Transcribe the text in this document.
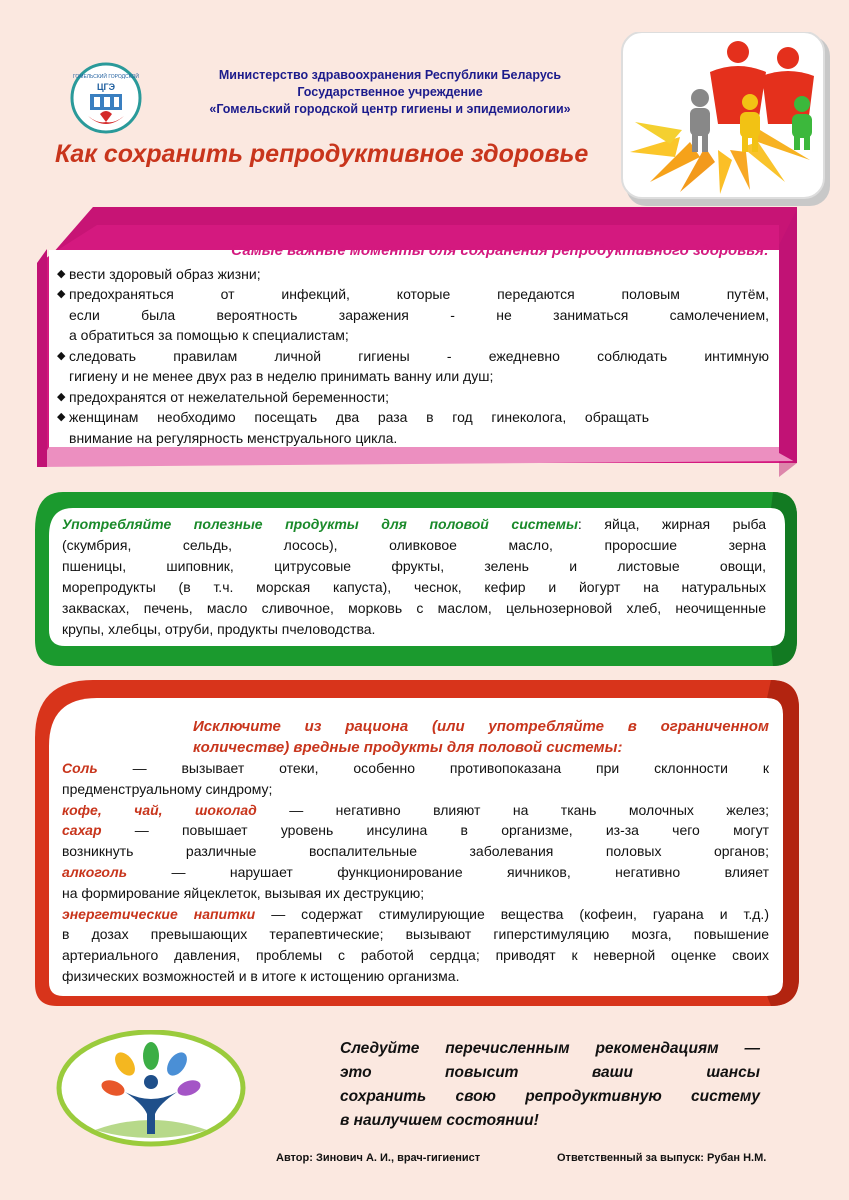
ГОМЕЛЬСКИЙ ГОРОДСКОЙ
ЦГЭ
Министерство здравоохранения Республики Беларусь
Государственное учреждение
«Гомельский городской центр гигиены и эпидемиологии»
Как сохранить репродуктивное здоровье
Самые важные моменты для сохранения репродуктивного здоровья:
◆ вести здоровый образ жизни;
◆ предохраняться от инфекций, которые передаются половым путём,
если была вероятность заражения - не заниматься самолечением,
а обратиться за помощью к специалистам;
◆ следовать правилам личной гигиены - ежедневно соблюдать интимную
гигиену и не менее двух раз в неделю принимать ванну или душ;
◆ предохранятся от нежелательной беременности;
◆ женщинам необходимо посещать два раза в год гинеколога, обращать
внимание на регулярность менструального цикла.
Употребляйте полезные продукты для половой системы: яйца, жирная рыба
(скумбрия, сельдь, лосось), оливковое масло, проросшие зерна
пшеницы, шиповник, цитрусовые фрукты, зелень и листовые овощи,
морепродукты (в т.ч. морская капуста), чеснок, кефир и йогурт на натуральных
заквасках, печень, масло сливочное, морковь с маслом, цельнозерновой хлеб, неочищенные
крупы, хлебцы, отруби, продукты пчеловодства.
Исключите из рациона (или употребляйте в ограниченном
количестве) вредные продукты для половой системы:
Соль — вызывает отеки, особенно противопоказана при склонности к
предменструальному синдрому;
кофе, чай, шоколад — негативно влияют на ткань молочных желез;
сахар — повышает уровень инсулина в организме, из-за чего могут
возникнуть различные воспалительные заболевания половых органов;
алкоголь — нарушает функционирование яичников, негативно влияет
на формирование яйцеклеток, вызывая их деструкцию;
энергетические напитки — содержат стимулирующие вещества (кофеин, гуарана и т.д.)
в дозах превышающих терапевтические; вызывают гиперстимуляцию мозга, повышение
артериального давления, проблемы с работой сердца; приводят к неверной оценке своих
физических возможностей и в итоге к истощению организма.
Следуйте перечисленным рекомендациям —
это повысит ваши шансы
сохранить свою репродуктивную систему
в наилучшем состоянии!
Автор: Зинович А. И., врач-гигиенист	Ответственный за выпуск: Рубан Н.М.
